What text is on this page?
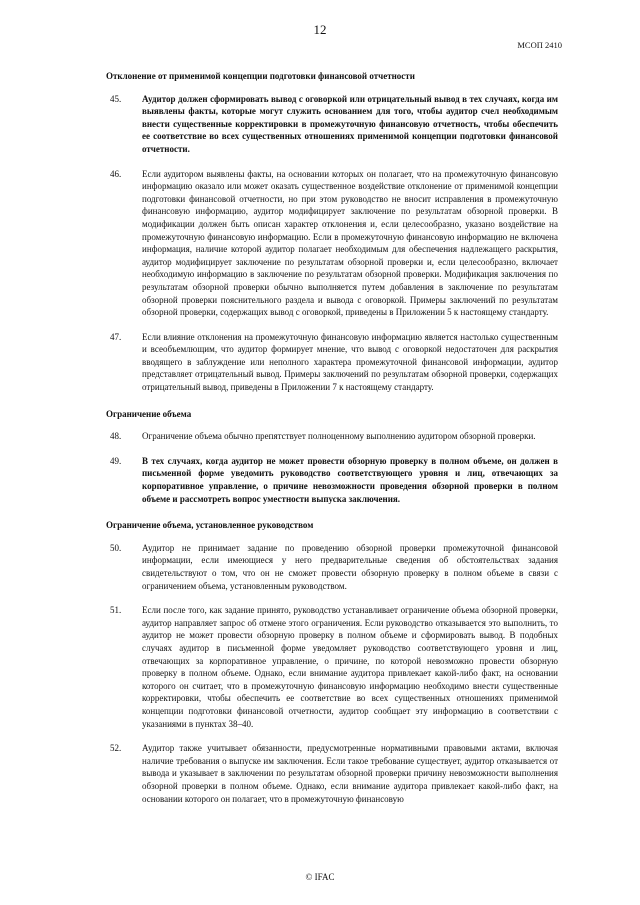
12
МСОП 2410
Отклонение от применимой концепции подготовки финансовой отчетности
45.	Аудитор должен сформировать вывод с оговоркой или отрицательный вывод в тех случаях, когда им выявлены факты, которые могут служить основанием для того, чтобы аудитор счел необходимым внести существенные корректировки в промежуточную финансовую отчетность, чтобы обеспечить ее соответствие во всех существенных отношениях применимой концепции подготовки финансовой отчетности.
46.	Если аудитором выявлены факты, на основании которых он полагает, что на промежуточную финансовую информацию оказало или может оказать существенное воздействие отклонение от применимой концепции подготовки финансовой отчетности, но при этом руководство не вносит исправления в промежуточную финансовую информацию, аудитор модифицирует заключение по результатам обзорной проверки. В модификации должен быть описан характер отклонения и, если целесообразно, указано воздействие на промежуточную финансовую информацию. Если в промежуточную финансовую информацию не включена информация, наличие которой аудитор полагает необходимым для обеспечения надлежащего раскрытия, аудитор модифицирует заключение по результатам обзорной проверки и, если целесообразно, включает необходимую информацию в заключение по результатам обзорной проверки. Модификация заключения по результатам обзорной проверки обычно выполняется путем добавления в заключение по результатам обзорной проверки пояснительного раздела и вывода с оговоркой. Примеры заключений по результатам обзорной проверки, содержащих вывод с оговоркой, приведены в Приложении 5 к настоящему стандарту.
47.	Если влияние отклонения на промежуточную финансовую информацию является настолько существенным и всеобъемлющим, что аудитор формирует мнение, что вывод с оговоркой недостаточен для раскрытия вводящего в заблуждение или неполного характера промежуточной финансовой информации, аудитор представляет отрицательный вывод. Примеры заключений по результатам обзорной проверки, содержащих отрицательный вывод, приведены в Приложении 7 к настоящему стандарту.
Ограничение объема
48.	Ограничение объема обычно препятствует полноценному выполнению аудитором обзорной проверки.
49.	В тех случаях, когда аудитор не может провести обзорную проверку в полном объеме, он должен в письменной форме уведомить руководство соответствующего уровня и лиц, отвечающих за корпоративное управление, о причине невозможности проведения обзорной проверки в полном объеме и рассмотреть вопрос уместности выпуска заключения.
Ограничение объема, установленное руководством
50.	Аудитор не принимает задание по проведению обзорной проверки промежуточной финансовой информации, если имеющиеся у него предварительные сведения об обстоятельствах задания свидетельствуют о том, что он не сможет провести обзорную проверку в полном объеме в связи с ограничением объема, установленным руководством.
51.	Если после того, как задание принято, руководство устанавливает ограничение объема обзорной проверки, аудитор направляет запрос об отмене этого ограничения. Если руководство отказывается это выполнить, то аудитор не может провести обзорную проверку в полном объеме и сформировать вывод. В подобных случаях аудитор в письменной форме уведомляет руководство соответствующего уровня и лиц, отвечающих за корпоративное управление, о причине, по которой невозможно провести обзорную проверку в полном объеме. Однако, если внимание аудитора привлекает какой-либо факт, на основании которого он считает, что в промежуточную финансовую информацию необходимо внести существенные корректировки, чтобы обеспечить ее соответствие во всех существенных отношениях применимой концепции подготовки финансовой отчетности, аудитор сообщает эту информацию в соответствии с указаниями в пунктах 38–40.
52.	Аудитор также учитывает обязанности, предусмотренные нормативными правовыми актами, включая наличие требования о выпуске им заключения. Если такое требование существует, аудитор отказывается от вывода и указывает в заключении по результатам обзорной проверки причину невозможности выполнения обзорной проверки в полном объеме. Однако, если внимание аудитора привлекает какой-либо факт, на основании которого он полагает, что в промежуточную финансовую
© IFAC
